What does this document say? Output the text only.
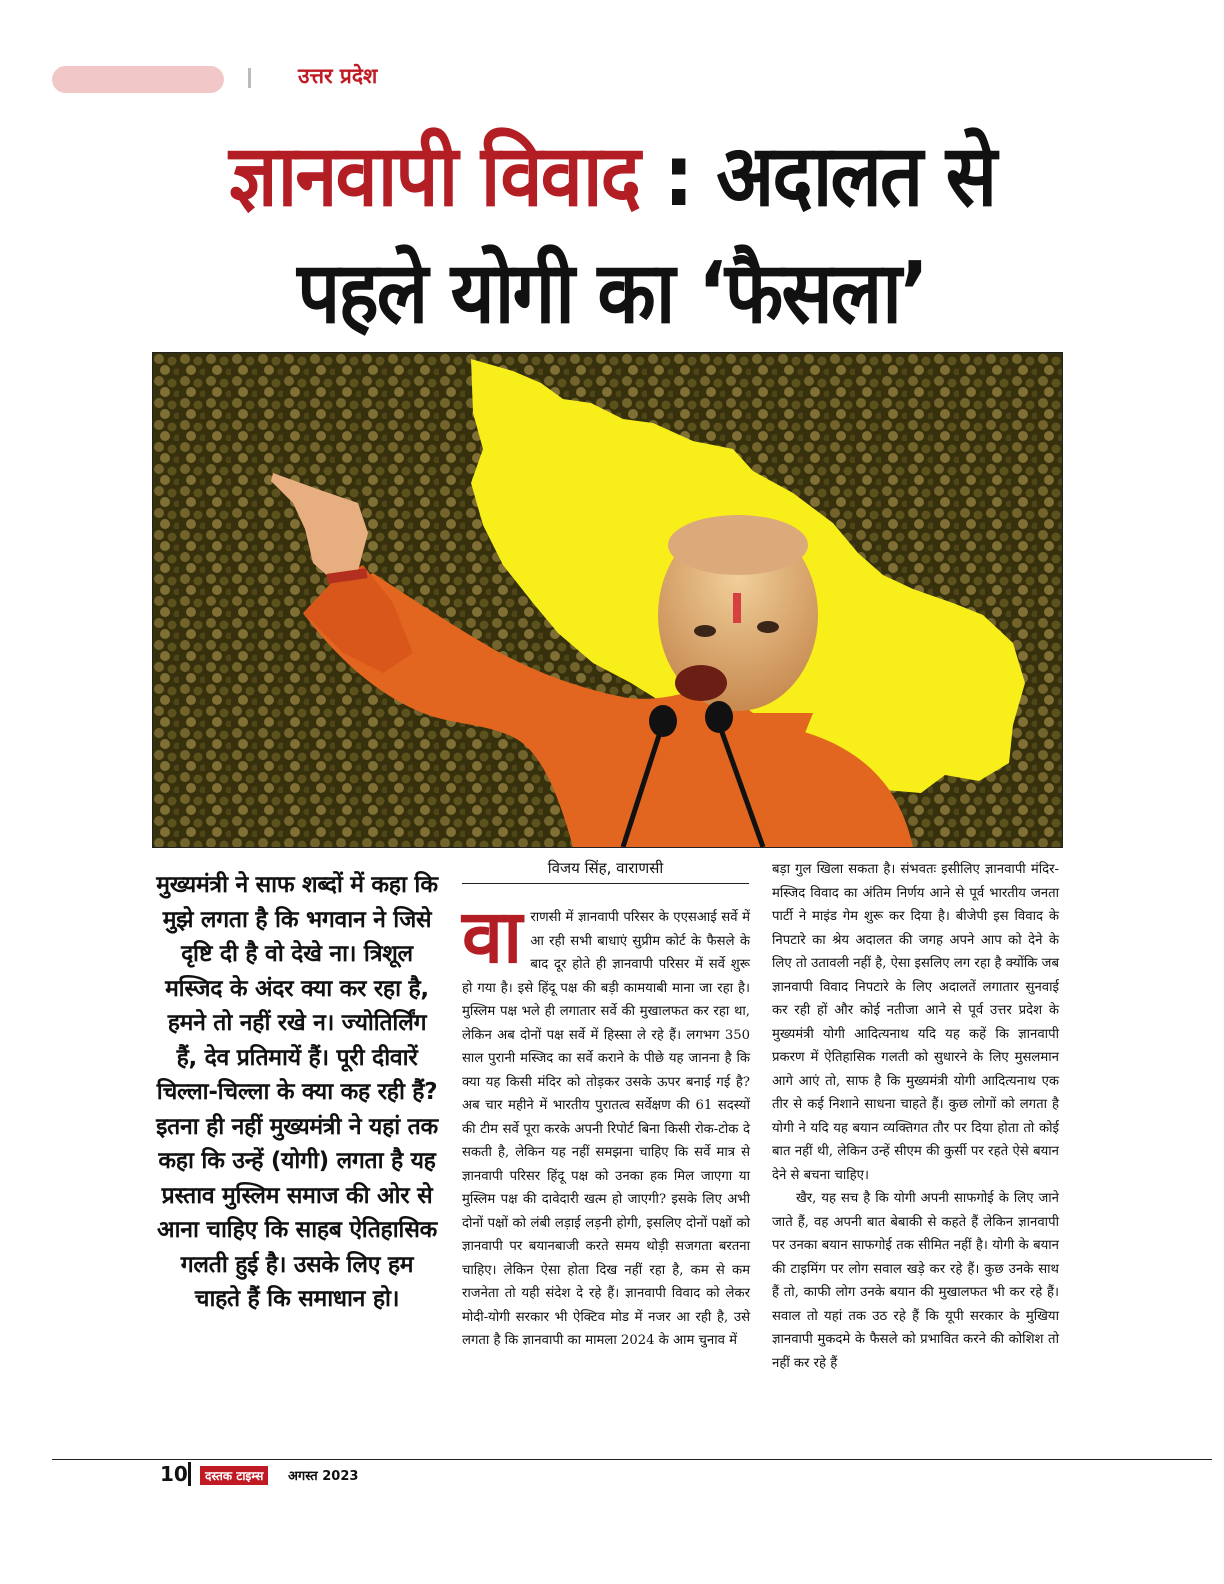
उत्तर प्रदेश
ज्ञानवापी विवाद : अदालत से
पहले योगी का ‘फैसला’
मुख्यमंत्री ने साफ शब्दों में कहा कि मुझे लगता है कि भगवान ने जिसे दृष्टि दी है वो देखे ना। त्रिशूल मस्जिद के अंदर क्या कर रहा है, हमने तो नहीं रखे न। ज्योतिर्लिंग हैं, देव प्रतिमायें हैं। पूरी दीवारें चिल्ला-चिल्ला के क्या कह रही हैं? इतना ही नहीं मुख्यमंत्री ने यहां तक कहा कि उन्हें (योगी) लगता है यह प्रस्ताव मुस्लिम समाज की ओर से आना चाहिए कि साहब ऐतिहासिक गलती हुई है। उसके लिए हम चाहते हैं कि समाधान हो।
विजय सिंह, वाराणसी
वा राणसी में ज्ञानवापी परिसर के एएसआई सर्वे में आ रही सभी बाधाएं सुप्रीम कोर्ट के फैसले के बाद दूर होते ही ज्ञानवापी परिसर में सर्वे शुरू हो गया है। इसे हिंदू पक्ष की बड़ी कामयाबी माना जा रहा है। मुस्लिम पक्ष भले ही लगातार सर्वे की मुखालफत कर रहा था, लेकिन अब दोनों पक्ष सर्वे में हिस्सा ले रहे हैं। लगभग 350 साल पुरानी मस्जिद का सर्वे कराने के पीछे यह जानना है कि क्या यह किसी मंदिर को तोड़कर उसके ऊपर बनाई गई है? अब चार महीने में भारतीय पुरातत्व सर्वेक्षण की 61 सदस्यों की टीम सर्वे पूरा करके अपनी रिपोर्ट बिना किसी रोक-टोक दे सकती है, लेकिन यह नहीं समझना चाहिए कि सर्वे मात्र से ज्ञानवापी परिसर हिंदू पक्ष को उनका हक मिल जाएगा या मुस्लिम पक्ष की दावेदारी खत्म हो जाएगी? इसके लिए अभी दोनों पक्षों को लंबी लड़ाई लड़नी होगी, इसलिए दोनों पक्षों को ज्ञानवापी पर बयानबाजी करते समय थोड़ी सजगता बरतना चाहिए। लेकिन ऐसा होता दिख नहीं रहा है, कम से कम राजनेता तो यही संदेश दे रहे हैं। ज्ञानवापी विवाद को लेकर मोदी-योगी सरकार भी ऐक्टिव मोड में नजर आ रही है, उसे लगता है कि ज्ञानवापी का मामला 2024 के आम चुनाव में

बड़ा गुल खिला सकता है। संभवतः इसीलिए ज्ञानवापी मंदिर-मस्जिद विवाद का अंतिम निर्णय आने से पूर्व भारतीय जनता पार्टी ने माइंड गेम शुरू कर दिया है। बीजेपी इस विवाद के निपटारे का श्रेय अदालत की जगह अपने आप को देने के लिए तो उतावली नहीं है, ऐसा इसलिए लग रहा है क्योंकि जब ज्ञानवापी विवाद निपटारे के लिए अदालतें लगातार सुनवाई कर रही हों और कोई नतीजा आने से पूर्व उत्तर प्रदेश के मुख्यमंत्री योगी आदित्यनाथ यदि यह कहें कि ज्ञानवापी प्रकरण में ऐतिहासिक गलती को सुधारने के लिए मुसलमान आगे आएं तो, साफ है कि मुख्यमंत्री योगी आदित्यनाथ एक तीर से कई निशाने साधना चाहते हैं। कुछ लोगों को लगता है योगी ने यदि यह बयान व्यक्तिगत तौर पर दिया होता तो कोई बात नहीं थी, लेकिन उन्हें सीएम की कुर्सी पर रहते ऐसे बयान देने से बचना चाहिए।

खैर, यह सच है कि योगी अपनी साफगोई के लिए जाने जाते हैं, वह अपनी बात बेबाकी से कहते हैं लेकिन ज्ञानवापी पर उनका बयान साफगोई तक सीमित नहीं है। योगी के बयान की टाइमिंग पर लोग सवाल खड़े कर रहे हैं। कुछ उनके साथ हैं तो, काफी लोग उनके बयान की मुखालफत भी कर रहे हैं। सवाल तो यहां तक उठ रहे हैं कि यूपी सरकार के मुखिया ज्ञानवापी मुकदमे के फैसले को प्रभावित करने की कोशिश तो नहीं कर रहे हैं

10	दस्तक टाइम्स	अगस्त 2023
